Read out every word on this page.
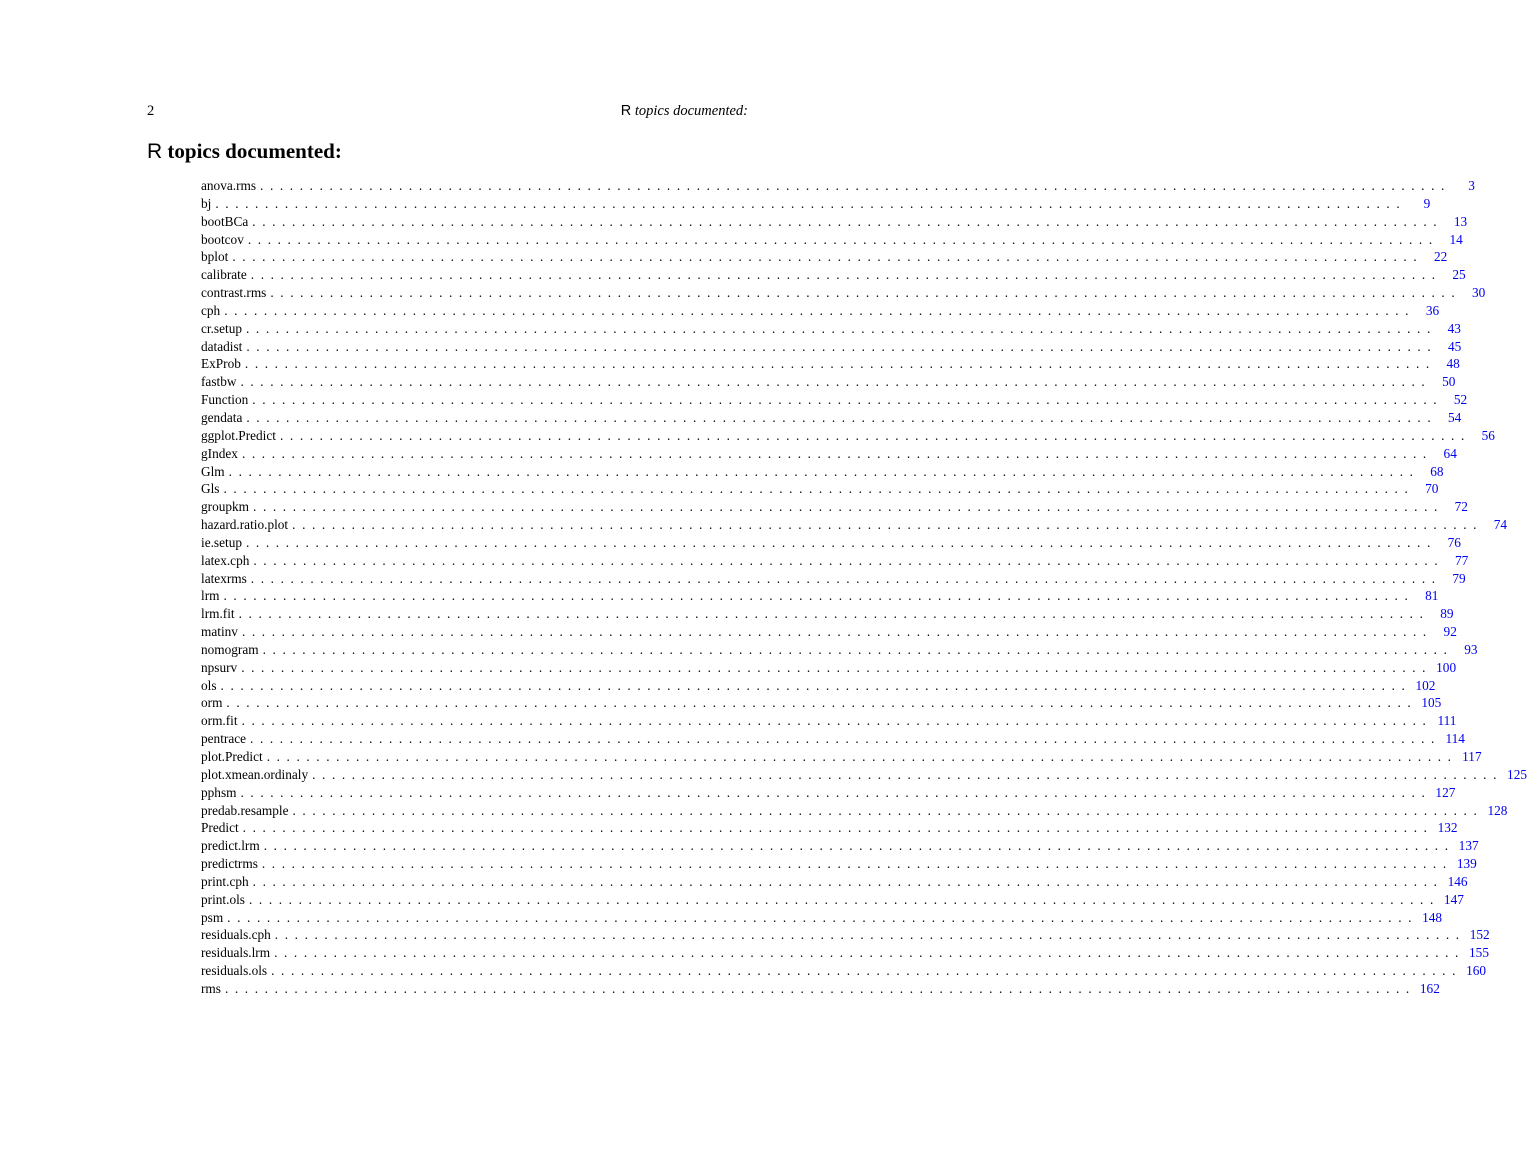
2	R topics documented:
R topics documented:
anova.rms ........................................................................................................................	3
bj ........................................................................................................................	9
bootBCa ........................................................................................................................ 13
bootcov ........................................................................................................................ 14
bplot ........................................................................................................................ 22
calibrate ........................................................................................................................ 25
contrast.rms ........................................................................................................................ 30
cph ........................................................................................................................ 36
cr.setup ........................................................................................................................ 43
datadist ........................................................................................................................ 45
ExProb ........................................................................................................................ 48
fastbw ........................................................................................................................ 50
Function ........................................................................................................................ 52
gendata ........................................................................................................................ 54
ggplot.Predict ........................................................................................................................ 56
gIndex ........................................................................................................................ 64
Glm ........................................................................................................................ 68
Gls ........................................................................................................................ 70
groupkm ........................................................................................................................ 72
hazard.ratio.plot ........................................................................................................................ 74
ie.setup ........................................................................................................................ 76
latex.cph ........................................................................................................................ 77
latexrms ........................................................................................................................ 79
lrm ........................................................................................................................ 81
lrm.fit ........................................................................................................................ 89
matinv ........................................................................................................................ 92
nomogram ........................................................................................................................ 93
npsurv ........................................................................................................................ 100
ols ........................................................................................................................ 102
orm ........................................................................................................................ 105
orm.fit ........................................................................................................................ 111
pentrace ........................................................................................................................ 114
plot.Predict ........................................................................................................................ 117
plot.xmean.ordinaly ........................................................................................................................ 125
pphsm ........................................................................................................................ 127
predab.resample ........................................................................................................................ 128
Predict ........................................................................................................................ 132
predict.lrm ........................................................................................................................ 137
predictrms ........................................................................................................................ 139
print.cph ........................................................................................................................ 146
print.ols ........................................................................................................................ 147
psm ........................................................................................................................ 148
residuals.cph ........................................................................................................................ 152
residuals.lrm ........................................................................................................................ 155
residuals.ols ........................................................................................................................ 160
rms ........................................................................................................................ 162
